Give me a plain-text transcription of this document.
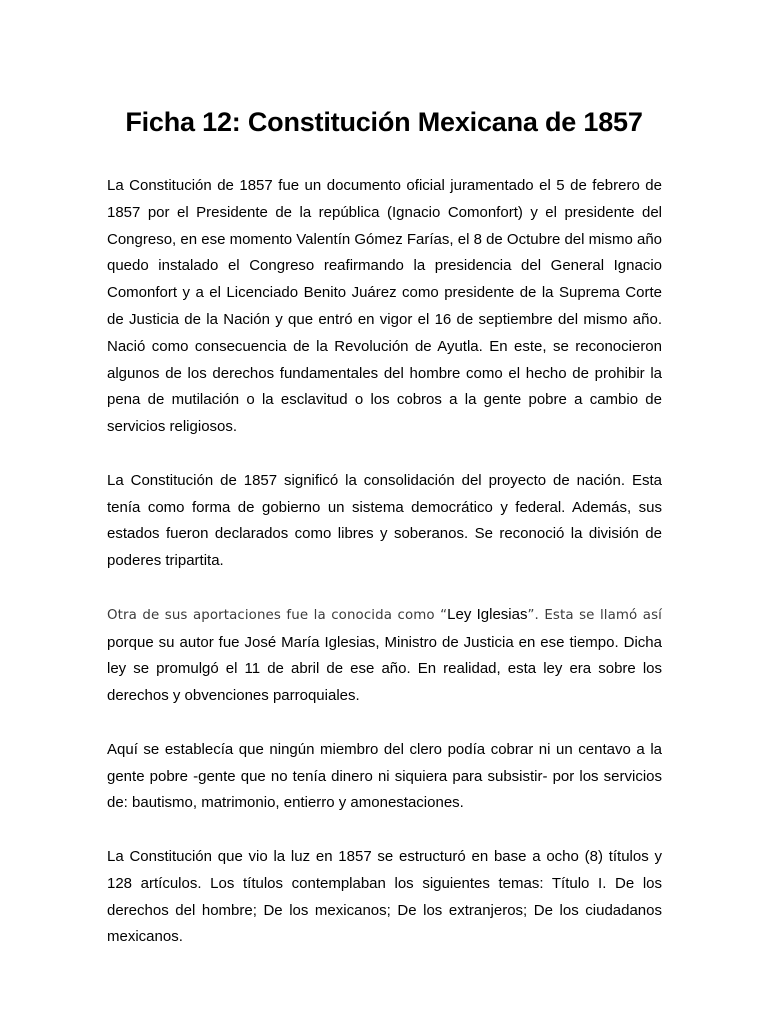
Ficha 12: Constitución Mexicana de 1857

La Constitución de 1857 fue un documento oficial juramentado el 5 de febrero de 1857 por el Presidente de la república (Ignacio Comonfort) y el presidente del Congreso, en ese momento Valentín Gómez Farías, el 8 de Octubre del mismo año quedo instalado el Congreso reafirmando la presidencia del General Ignacio Comonfort y a el Licenciado Benito Juárez como presidente de la Suprema Corte de Justicia de la Nación y que entró en vigor el 16 de septiembre del mismo año. Nació como consecuencia de la Revolución de Ayutla. En este, se reconocieron algunos de los derechos fundamentales del hombre como el hecho de prohibir la pena de mutilación o la esclavitud o los cobros a la gente pobre a cambio de servicios religiosos.

La Constitución de 1857 significó la consolidación del proyecto de nación. Esta tenía como forma de gobierno un sistema democrático y federal. Además, sus estados fueron declarados como libres y soberanos. Se reconoció la división de poderes tripartita.

Otra de sus aportaciones fue la conocida como “Ley Iglesias”. Esta se llamó así porque su autor fue José María Iglesias, Ministro de Justicia en ese tiempo. Dicha ley se promulgó el 11 de abril de ese año. En realidad, esta ley era sobre los derechos y obvenciones parroquiales.

Aquí se establecía que ningún miembro del clero podía cobrar ni un centavo a la gente pobre -gente que no tenía dinero ni siquiera para subsistir- por los servicios de: bautismo, matrimonio, entierro y amonestaciones.

La Constitución que vio la luz en 1857 se estructuró en base a ocho (8) títulos y 128 artículos. Los títulos contemplaban los siguientes temas: Título I. De los derechos del hombre; De los mexicanos; De los extranjeros; De los ciudadanos mexicanos.
